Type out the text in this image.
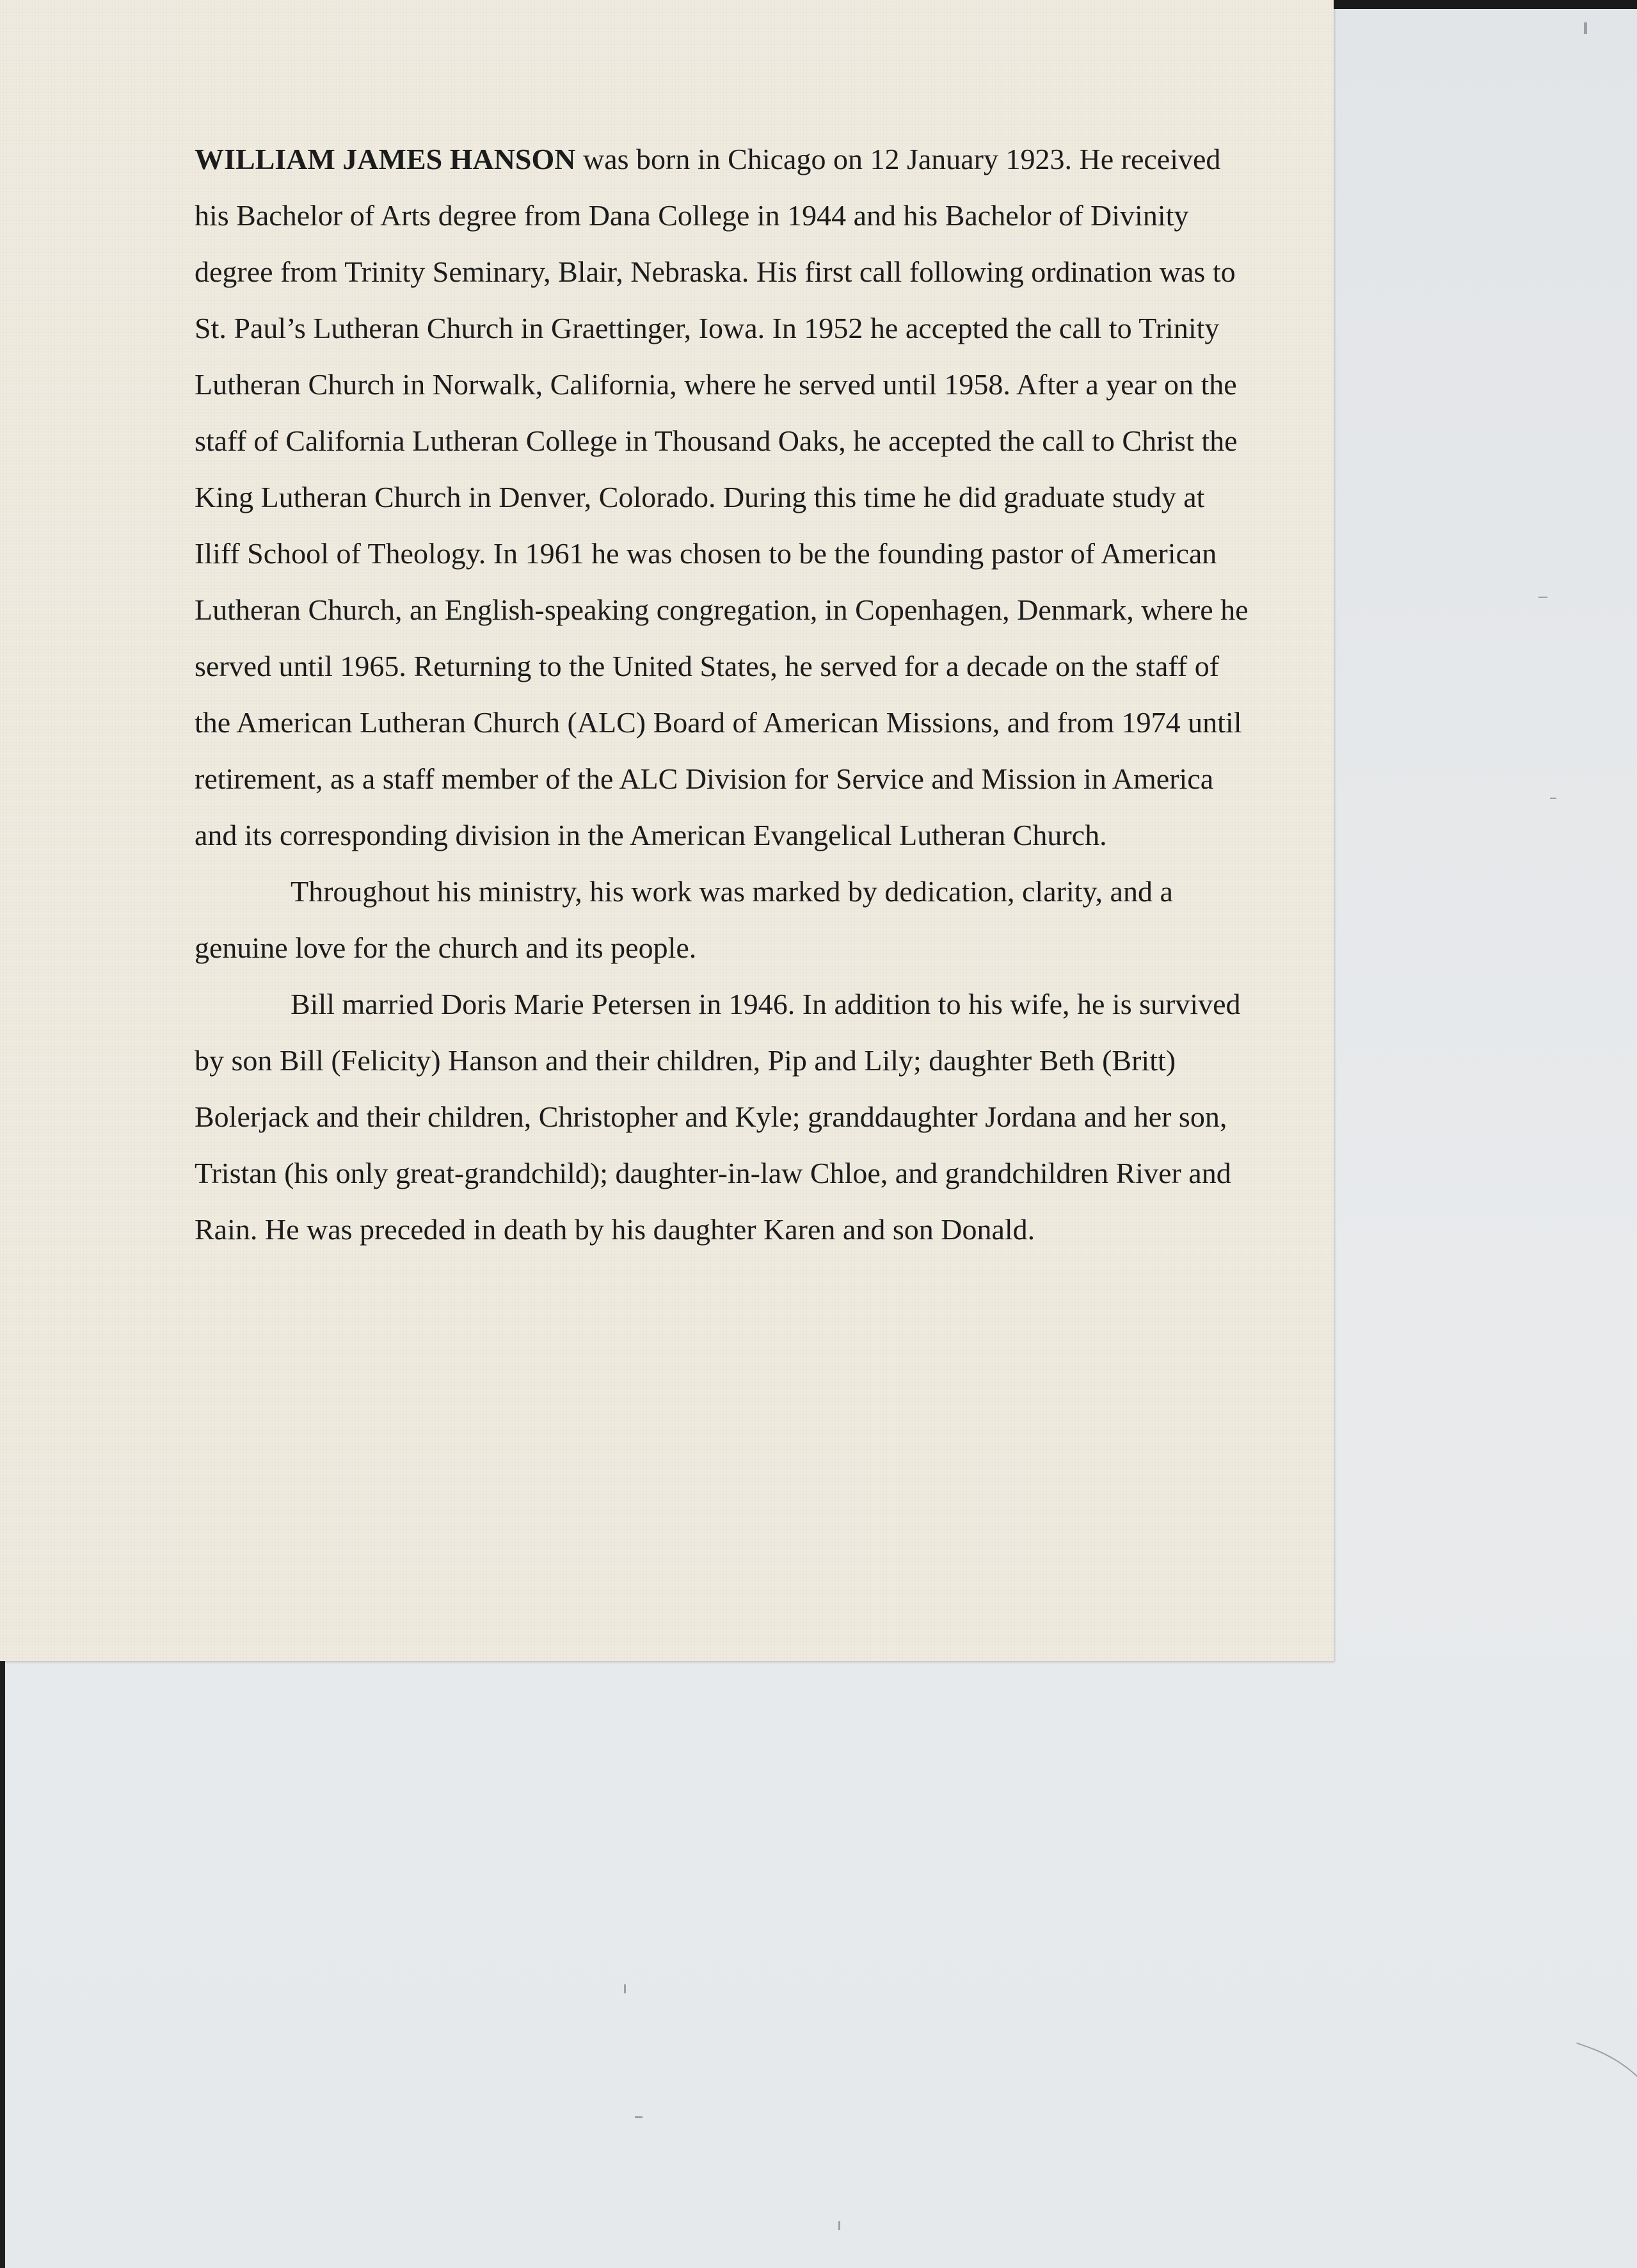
WILLIAM JAMES HANSON was born in Chicago on 12 January 1923. He received his Bachelor of Arts degree from Dana College in 1944 and his Bachelor of Divinity degree from Trinity Seminary, Blair, Nebraska. His first call following ordination was to St. Paul’s Lutheran Church in Graettinger, Iowa. In 1952 he accepted the call to Trinity Lutheran Church in Norwalk, California, where he served until 1958. After a year on the staff of California Lutheran College in Thousand Oaks, he accepted the call to Christ the King Lutheran Church in Denver, Colorado. During this time he did graduate study at Iliff School of Theology. In 1961 he was chosen to be the founding pastor of American Lutheran Church, an English-speaking congregation, in Copenhagen, Denmark, where he served until 1965. Returning to the United States, he served for a decade on the staff of the American Lutheran Church (ALC) Board of American Missions, and from 1974 until retirement, as a staff member of the ALC Division for Service and Mission in America and its corresponding division in the American Evangelical Lutheran Church.

Throughout his ministry, his work was marked by dedication, clarity, and a genuine love for the church and its people.

Bill married Doris Marie Petersen in 1946. In addition to his wife, he is survived by son Bill (Felicity) Hanson and their children, Pip and Lily; daughter Beth (Britt) Bolerjack and their children, Christopher and Kyle; granddaughter Jordana and her son, Tristan (his only great-grandchild); daughter-in-law Chloe, and grandchildren River and Rain. He was preceded in death by his daughter Karen and son Donald.
